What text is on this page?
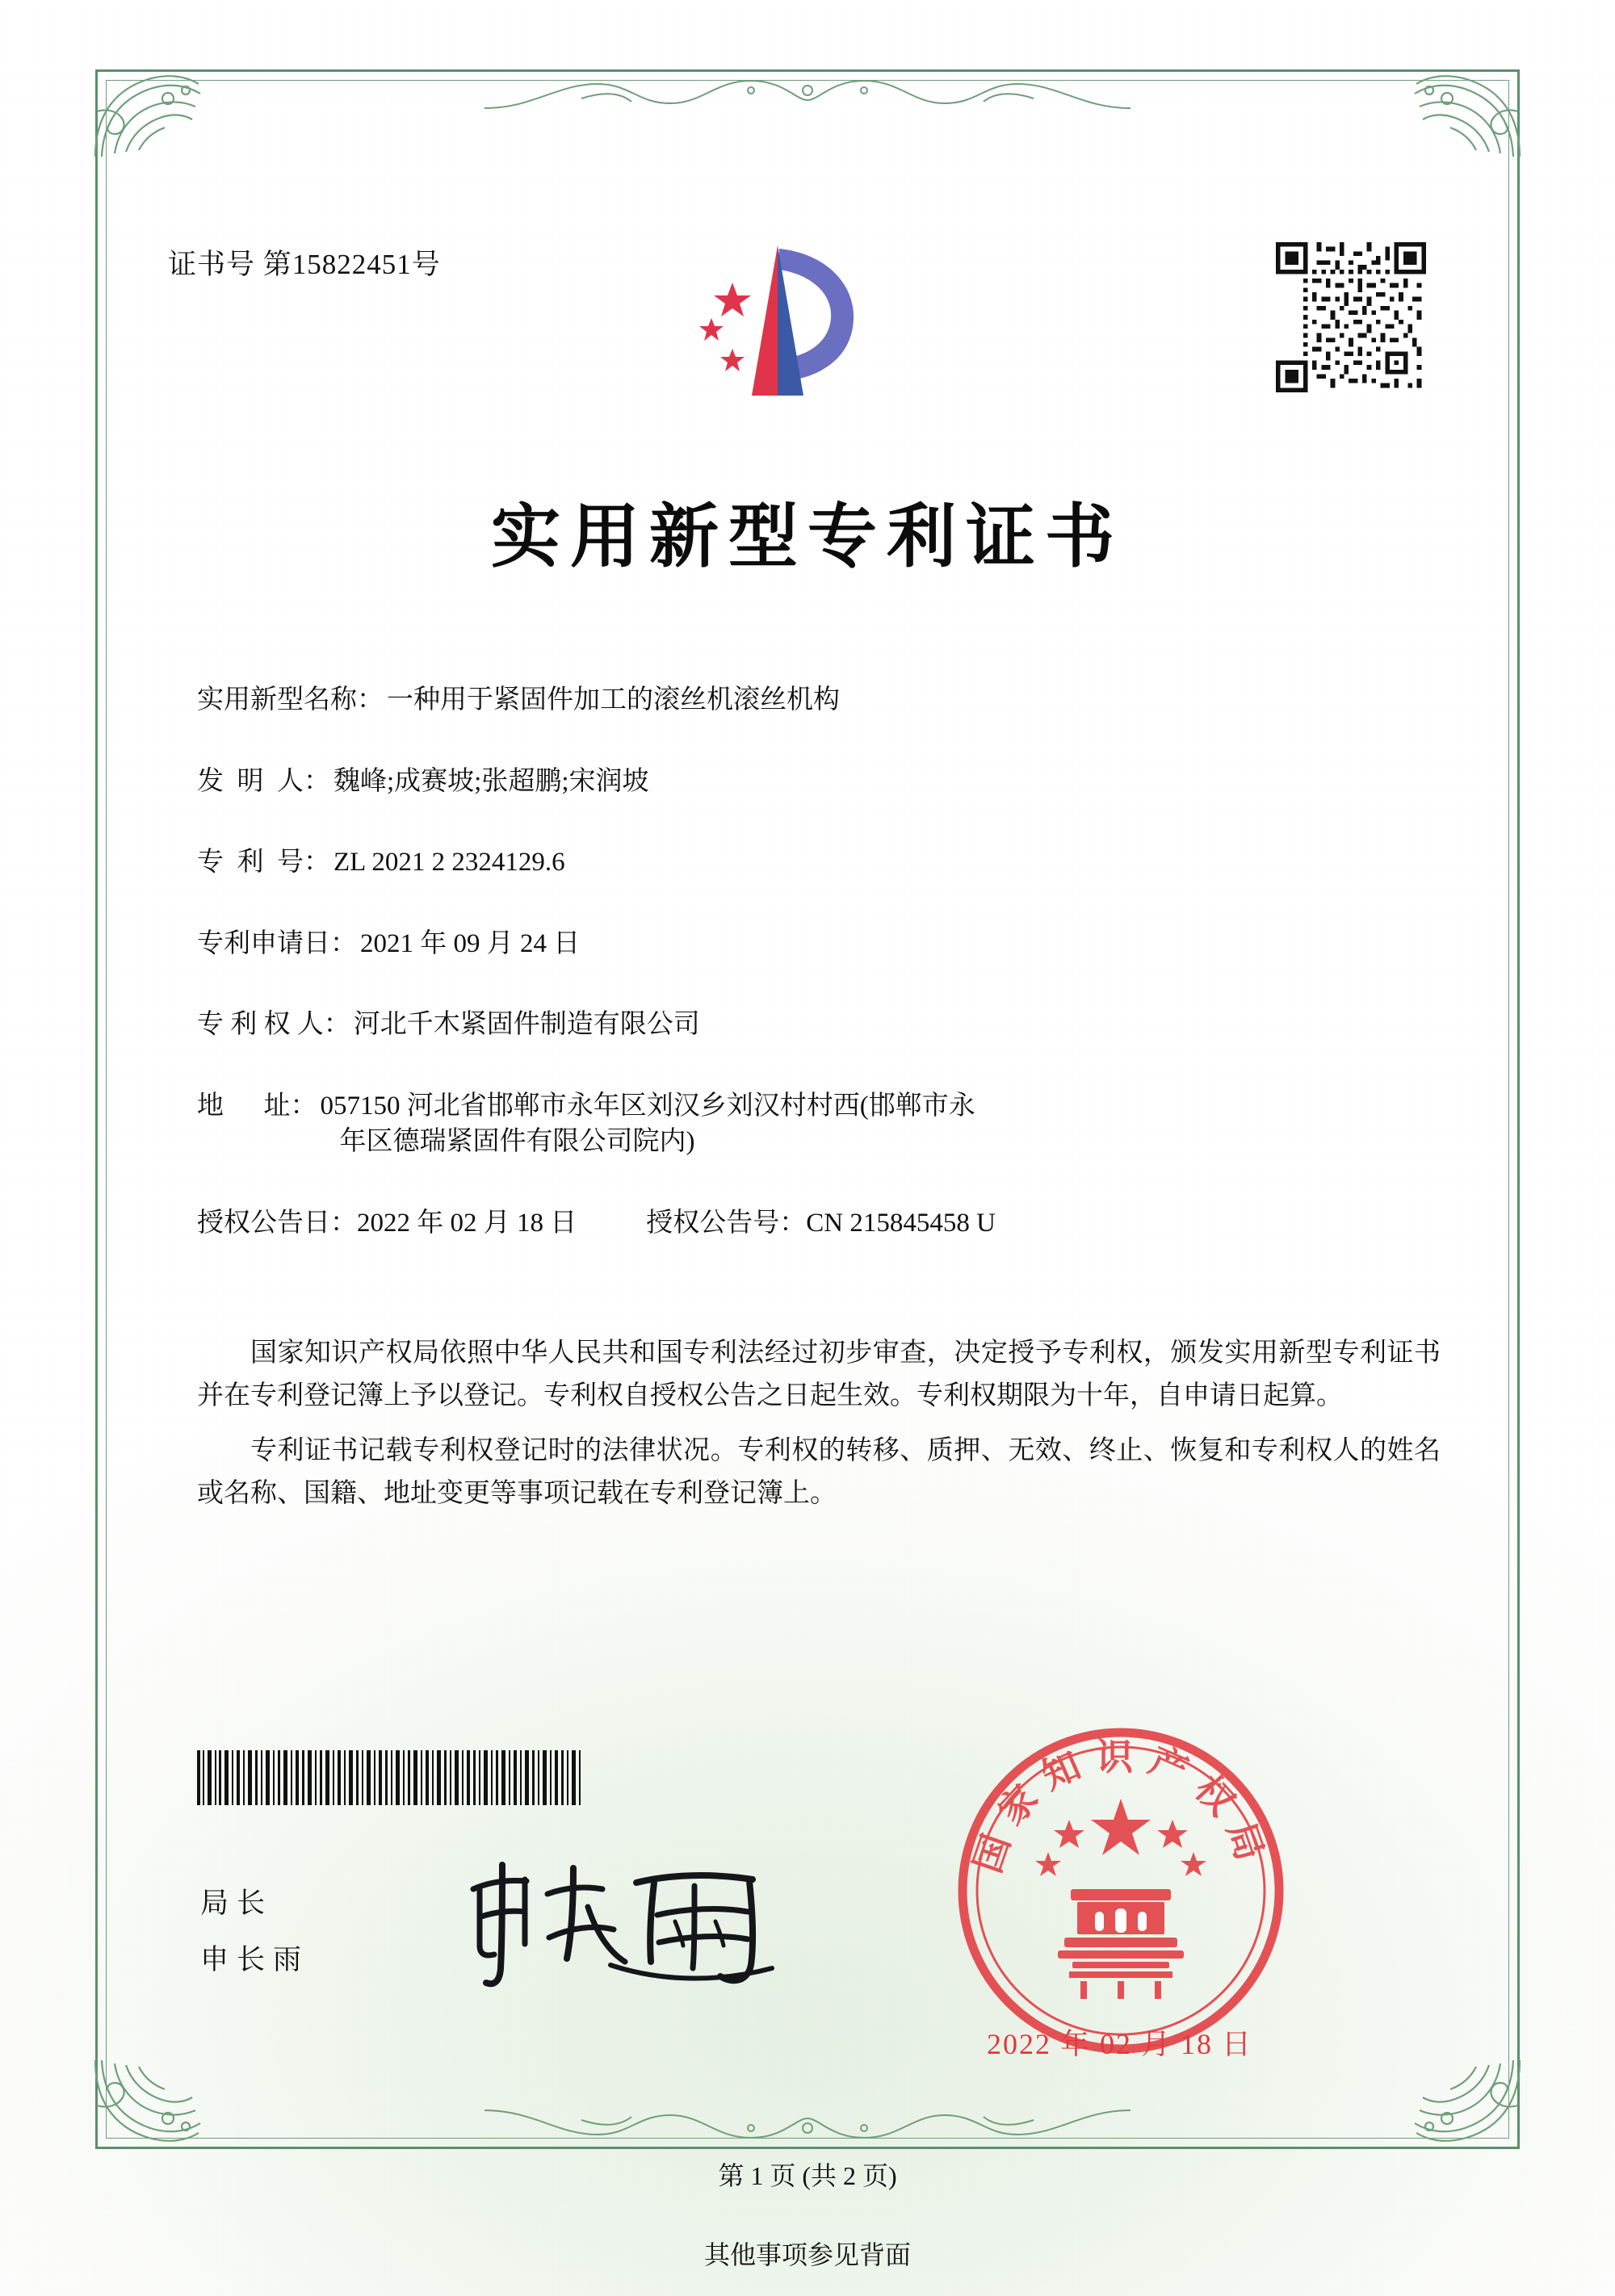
证书号 第15822451号
实用新型专利证书
实用新型名称： 一种用于紧固件加工的滚丝机滚丝机构
发  明  人： 魏峰;成赛坡;张超鹏;宋润坡
专  利  号： ZL 2021 2 2324129.6
专利申请日： 2021 年 09 月 24 日
专 利 权 人： 河北千木紧固件制造有限公司
地      址： 057150 河北省邯郸市永年区刘汉乡刘汉村村西(邯郸市永
年区德瑞紧固件有限公司院内)
授权公告日： 2022 年 02 月 18 日	授权公告号： CN 215845458 U

国家知识产权局依照中华人民共和国专利法经过初步审查，决定授予专利权，颁发实用新型专利证书并在专利登记簿上予以登记。专利权自授权公告之日起生效。专利权期限为十年，自申请日起算。

专利证书记载专利权登记时的法律状况。专利权的转移、质押、无效、终止、恢复和专利权人的姓名或名称、国籍、地址变更等事项记载在专利登记簿上。

局长
申长雨
国家知识产权局
2022 年 02 月 18 日
第 1 页 (共 2 页)
其他事项参见背面
